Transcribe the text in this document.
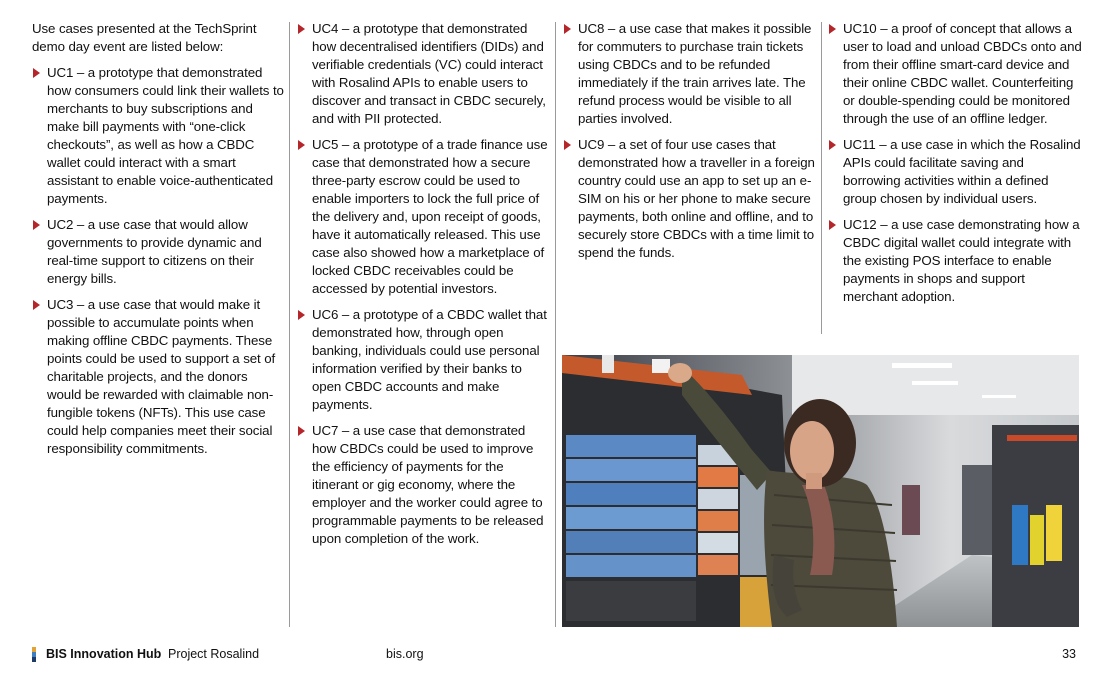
Use cases presented at the TechSprint demo day event are listed below:

UC1 – a prototype that demonstrated how consumers could link their wallets to merchants to buy subscriptions and make bill payments with “one-click checkouts”, as well as how a CBDC wallet could interact with a smart assistant to enable voice-authenticated payments.
UC2 – a use case that would allow governments to provide dynamic and real-time support to citizens on their energy bills.
UC3 – a use case that would make it possible to accumulate points when making offline CBDC payments. These points could be used to support a set of charitable projects, and the donors would be rewarded with claimable non-fungible tokens (NFTs). This use case could help companies meet their social responsibility commitments.
UC4 – a prototype that demonstrated how decentralised identifiers (DIDs) and verifiable credentials (VC) could interact with Rosalind APIs to enable users to discover and transact in CBDC securely, and with PII protected.
UC5 – a prototype of a trade finance use case that demonstrated how a secure three-party escrow could be used to enable importers to lock the full price of the delivery and, upon receipt of goods, have it automatically released. This use case also showed how a marketplace of locked CBDC receivables could be accessed by potential investors.
UC6 – a prototype of a CBDC wallet that demonstrated how, through open banking, individuals could use personal information verified by their banks to open CBDC accounts and make payments.
UC7 – a use case that demonstrated how CBDCs could be used to improve the efficiency of payments for the itinerant or gig economy, where the employer and the worker could agree to programmable payments to be released upon completion of the work.
UC8 – a use case that makes it possible for commuters to purchase train tickets using CBDCs and to be refunded immediately if the train arrives late. The refund process would be visible to all parties involved.
UC9 – a set of four use cases that demonstrated how a traveller in a foreign country could use an app to set up an e-SIM on his or her phone to make secure payments, both online and offline, and to securely store CBDCs with a time limit to spend the funds.
UC10 – a proof of concept that allows a user to load and unload CBDCs onto and from their offline smart-card device and their online CBDC wallet. Counterfeiting or double-spending could be monitored through the use of an offline ledger.
UC11 – a use case in which the Rosalind APIs could facilitate saving and borrowing activities within a defined group chosen by individual users.
UC12 – a use case demonstrating how a CBDC digital wallet could integrate with the existing POS interface to enable payments in shops and support merchant adoption.
BIS Innovation Hub Project Rosalind	bis.org	33
